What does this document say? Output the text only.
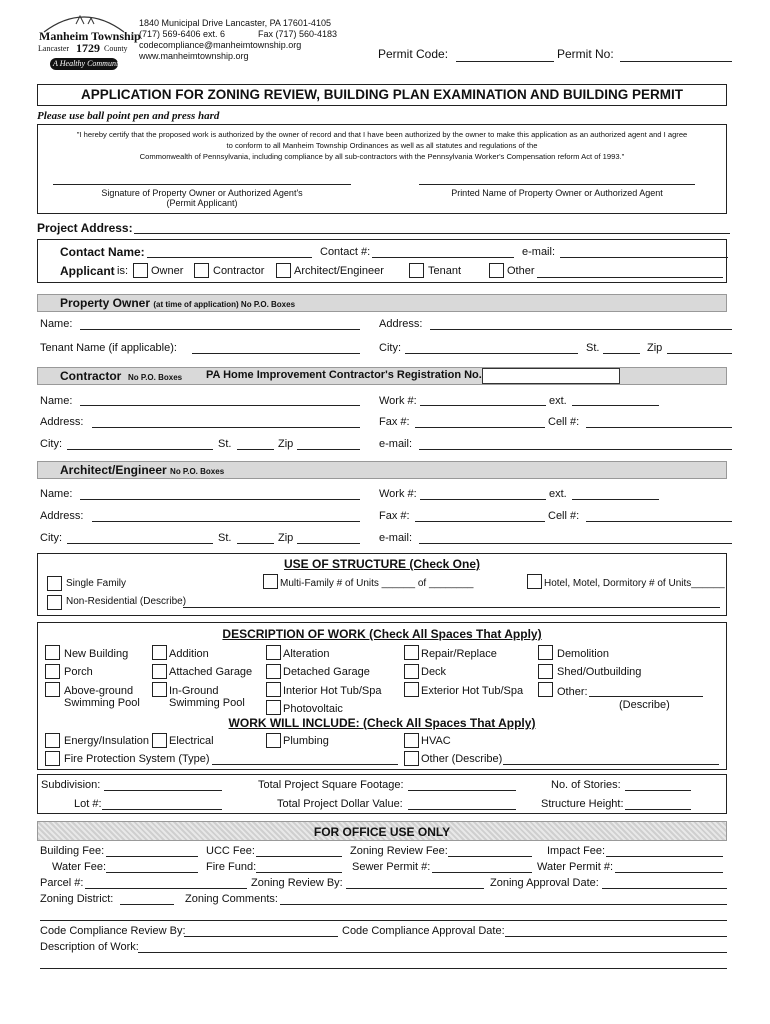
Manheim Township
Lancaster 1729 County
A Healthy Community
1840 Municipal Drive Lancaster, PA 17601-4105
(717) 569-6406 ext. 6	Fax (717) 560-4183
codecompliance@manheimtownship.org
www.manheimtownship.org	Permit Code:	Permit No:
APPLICATION FOR ZONING REVIEW, BUILDING PLAN EXAMINATION AND BUILDING PERMIT
Please use ball point pen and press hard
"I hereby certify that the proposed work is authorized by the owner of record and that I have been authorized by the owner to make this application as an authorized agent and I agree
to conform to all Manheim Township Ordinances as well as all statutes and regulations of the
Commonwealth of Pennsylvania, including compliance by all sub-contractors with the Pennsylvania Worker's Compensation reform Act of 1993."
Signature of Property Owner or Authorized Agent's
(Permit Applicant)
Printed Name of Property Owner or Authorized Agent
Project Address:
Contact Name:	Contact #:	e-mail:
Applicant is: Owner	Contractor	Architect/Engineer	Tenant	Other
Property Owner (at time of application) No P.O. Boxes
Name:	Address:
Tenant Name (if applicable):	City:	St.	Zip
Contractor No P.O. Boxes PA Home Improvement Contractor's Registration No.
Name:	Work #:	ext.
Address:	Fax #:	Cell #:
City:	St.	Zip	e-mail:
Architect/Engineer No P.O. Boxes
Name:	Work #:	ext.
Address:	Fax #:	Cell #:
City:	St.	Zip	e-mail:
USE OF STRUCTURE (Check One)
Single Family	Multi-Family # of Units ______ of ________	Hotel, Motel, Dormitory # of Units______
Non-Residential (Describe)
DESCRIPTION OF WORK (Check All Spaces That Apply)
New Building	Addition	Alteration	Repair/Replace	Demolition
Porch	Attached Garage	Detached Garage	Deck	Shed/Outbuilding
Above-ground
Swimming Pool
In-Ground
Swimming Pool
Interior Hot Tub/Spa
Photovoltaic
Exterior Hot Tub/Spa	Other:
(Describe)
WORK WILL INCLUDE: (Check All Spaces That Apply)
Energy/Insulation Electrical	Plumbing	HVAC
Fire Protection System (Type)	Other (Describe)
Subdivision:	Total Project Square Footage:	No. of Stories:
Lot #:	Total Project Dollar Value:	Structure Height:
FOR OFFICE USE ONLY
Building Fee:	UCC Fee:	Zoning Review Fee:	Impact Fee:
Water Fee:	Fire Fund:	Sewer Permit #:	Water Permit #:
Parcel #:	Zoning Review By:	Zoning Approval Date:
Zoning District:	Zoning Comments:
Code Compliance Review By:	Code Compliance Approval Date:
Description of Work:
